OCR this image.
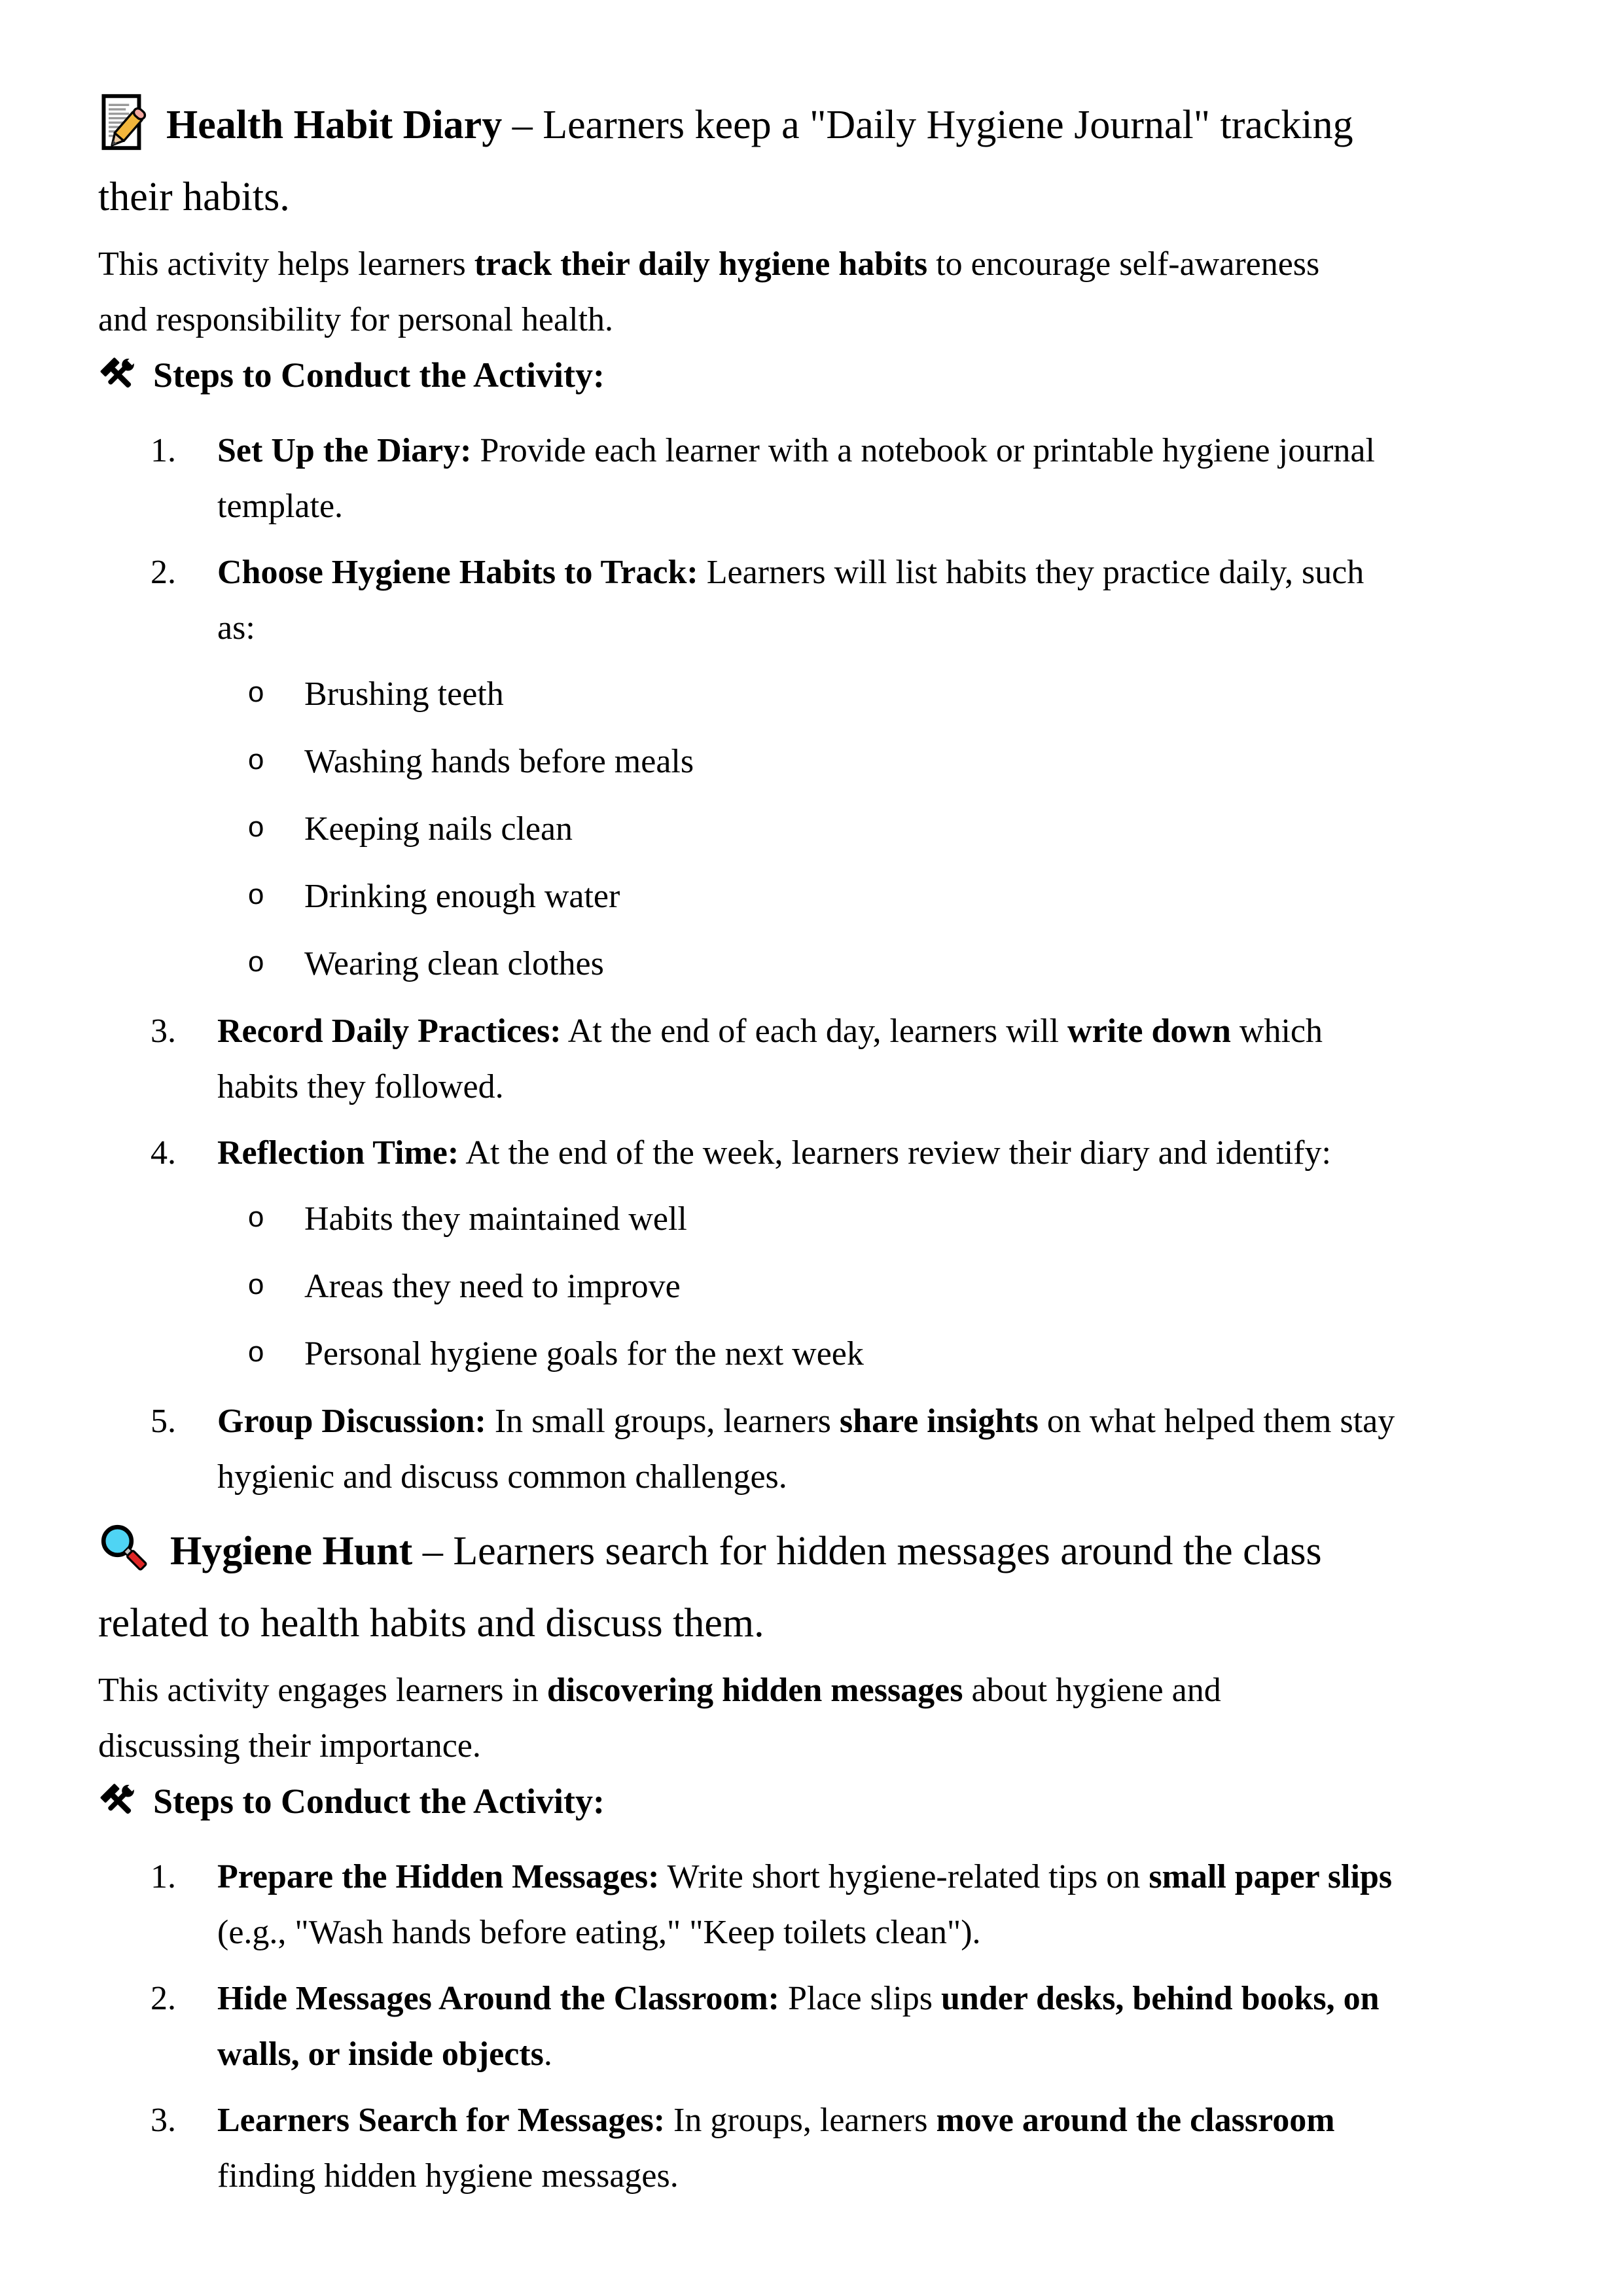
Health Habit Diary – Learners keep a "Daily Hygiene Journal" tracking
their habits.

This activity helps learners track their daily hygiene habits to encourage self-awareness
and responsibility for personal health.

Steps to Conduct the Activity:
1. Set Up the Diary: Provide each learner with a notebook or printable hygiene journal
template.
2. Choose Hygiene Habits to Track: Learners will list habits they practice daily, such
as:
o Brushing teeth
o Washing hands before meals
o Keeping nails clean
o Drinking enough water
o Wearing clean clothes
3. Record Daily Practices: At the end of each day, learners will write down which
habits they followed.
4. Reflection Time: At the end of the week, learners review their diary and identify:
o Habits they maintained well
o Areas they need to improve
o Personal hygiene goals for the next week
5. Group Discussion: In small groups, learners share insights on what helped them stay
hygienic and discuss common challenges.
Hygiene Hunt – Learners search for hidden messages around the class
related to health habits and discuss them.

This activity engages learners in discovering hidden messages about hygiene and
discussing their importance.

Steps to Conduct the Activity:
1. Prepare the Hidden Messages: Write short hygiene-related tips on small paper slips
(e.g., "Wash hands before eating," "Keep toilets clean").
2. Hide Messages Around the Classroom: Place slips under desks, behind books, on
walls, or inside objects.
3. Learners Search for Messages: In groups, learners move around the classroom
finding hidden hygiene messages.
